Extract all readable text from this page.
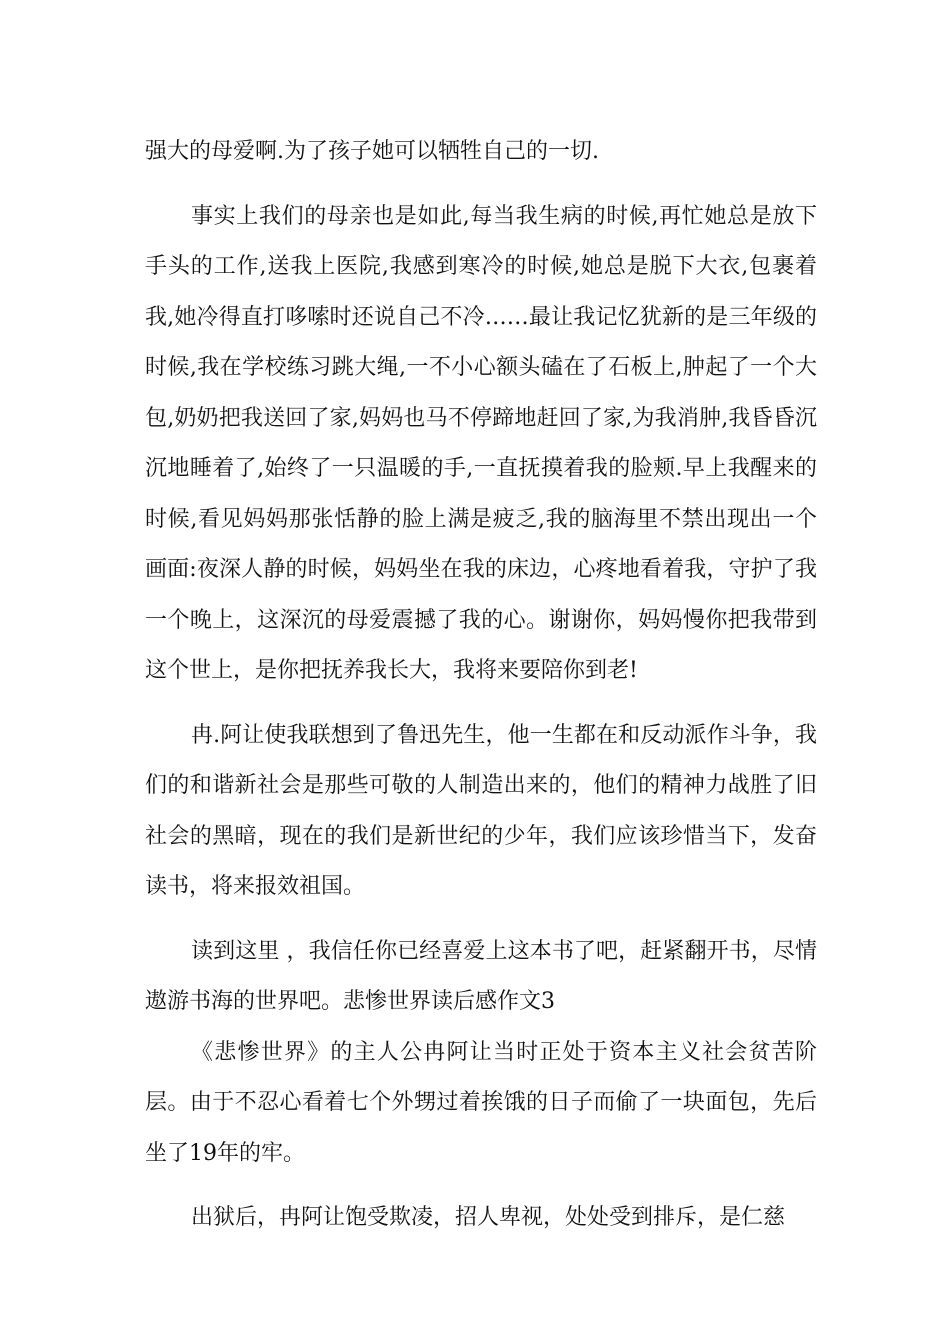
强大的母爱啊.为了孩子她可以牺牲自己的一切.

事实上我们的母亲也是如此,每当我生病的时候,再忙她总是放下手头的工作,送我上医院,我感到寒冷的时候,她总是脱下大衣,包裹着我,她冷得直打哆嗦时还说自己不冷……最让我记忆犹新的是三年级的时候,我在学校练习跳大绳,一不小心额头磕在了石板上,肿起了一个大包,奶奶把我送回了家,妈妈也马不停蹄地赶回了家,为我消肿,我昏昏沉沉地睡着了,始终了一只温暖的手,一直抚摸着我的脸颊.早上我醒来的时候,看见妈妈那张恬静的脸上满是疲乏,我的脑海里不禁出现出一个画面:夜深人静的时候，妈妈坐在我的床边，心疼地看着我，守护了我一个晚上，这深沉的母爱震撼了我的心。谢谢你，妈妈慢你把我带到这个世上，是你把抚养我长大，我将来要陪你到老!

冉.阿让使我联想到了鲁迅先生，他一生都在和反动派作斗争，我们的和谐新社会是那些可敬的人制造出来的，他们的精神力战胜了旧社会的黑暗，现在的我们是新世纪的少年，我们应该珍惜当下，发奋读书，将来报效祖国。

读到这里 ，我信任你已经喜爱上这本书了吧，赶紧翻开书，尽情遨游书海的世界吧。悲惨世界读后感作文3

《悲惨世界》的主人公冉阿让当时正处于资本主义社会贫苦阶层。由于不忍心看着七个外甥过着挨饿的日子而偷了一块面包，先后坐了19年的牢。

出狱后，冉阿让饱受欺凌，招人卑视，处处受到排斥，是仁慈
